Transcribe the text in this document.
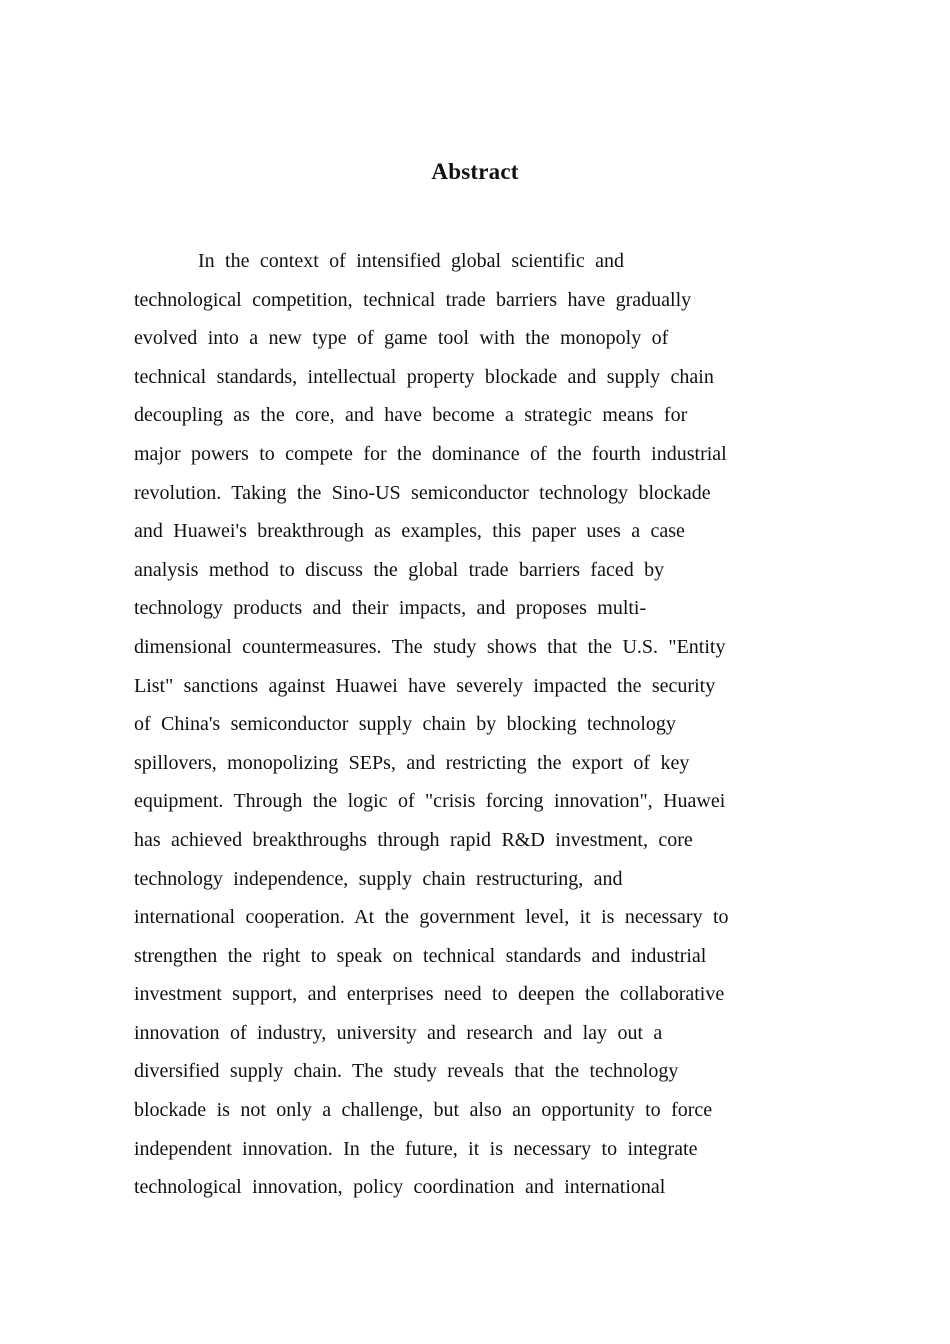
Abstract
In the context of intensified global scientific and
technological competition, technical trade barriers have gradually
evolved into a new type of game tool with the monopoly of
technical standards, intellectual property blockade and supply chain
decoupling as the core, and have become a strategic means for
major powers to compete for the dominance of the fourth industrial
revolution. Taking the Sino-US semiconductor technology blockade
and Huawei's breakthrough as examples, this paper uses a case
analysis method to discuss the global trade barriers faced by
technology products and their impacts, and proposes multi-
dimensional countermeasures. The study shows that the U.S. "Entity
List" sanctions against Huawei have severely impacted the security
of China's semiconductor supply chain by blocking technology
spillovers, monopolizing SEPs, and restricting the export of key
equipment. Through the logic of "crisis forcing innovation", Huawei
has achieved breakthroughs through rapid R&D investment, core
technology independence, supply chain restructuring, and
international cooperation. At the government level, it is necessary to
strengthen the right to speak on technical standards and industrial
investment support, and enterprises need to deepen the collaborative
innovation of industry, university and research and lay out a
diversified supply chain. The study reveals that the technology
blockade is not only a challenge, but also an opportunity to force
independent innovation. In the future, it is necessary to integrate
technological innovation, policy coordination and international
